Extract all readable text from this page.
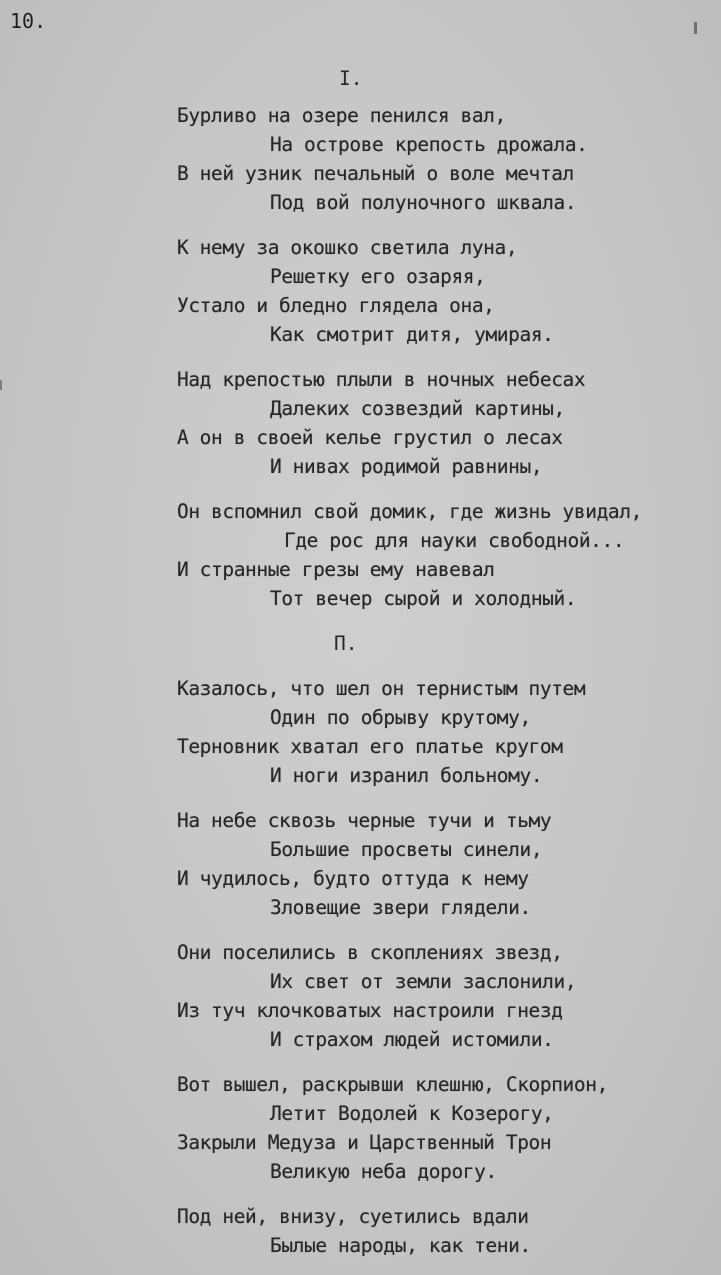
10.
I.
Бурливо на озере пенился вал,
На острове крепость дрожала.
В ней узник печальный о воле мечтал
Под вой полуночного шквала.
К нему за окошко светила луна,
Решетку его озаряя,
Устало и бледно глядела она,
Как смотрит дитя, умирая.
Над крепостью плыли в ночных небесах
Далеких созвездий картины,
А он в своей келье грустил о лесах
И нивах родимой равнины,
Он вспомнил свой домик, где жизнь увидал,
Где рос для науки свободной...
И странные грезы ему навевал
Тот вечер сырой и холодный.
П.
Казалось, что шел он тернистым путем
Один по обрыву крутому,
Терновник хватал его платье кругом
И ноги изранил больному.
На небе сквозь черные тучи и тьму
Большие просветы синели,
И чудилось, будто оттуда к нему
Зловещие звери глядели.
Они поселились в скоплениях звезд,
Их свет от земли заслонили,
Из туч клочковатых настроили гнезд
И страхом людей истомили.
Вот вышел, раскрывши клешню, Скорпион,
Летит Водолей к Козерогу,
Закрыли Медуза и Царственный Трон
Великую неба дорогу.
Под ней, внизу, суетились вдали
Былые народы, как тени.
